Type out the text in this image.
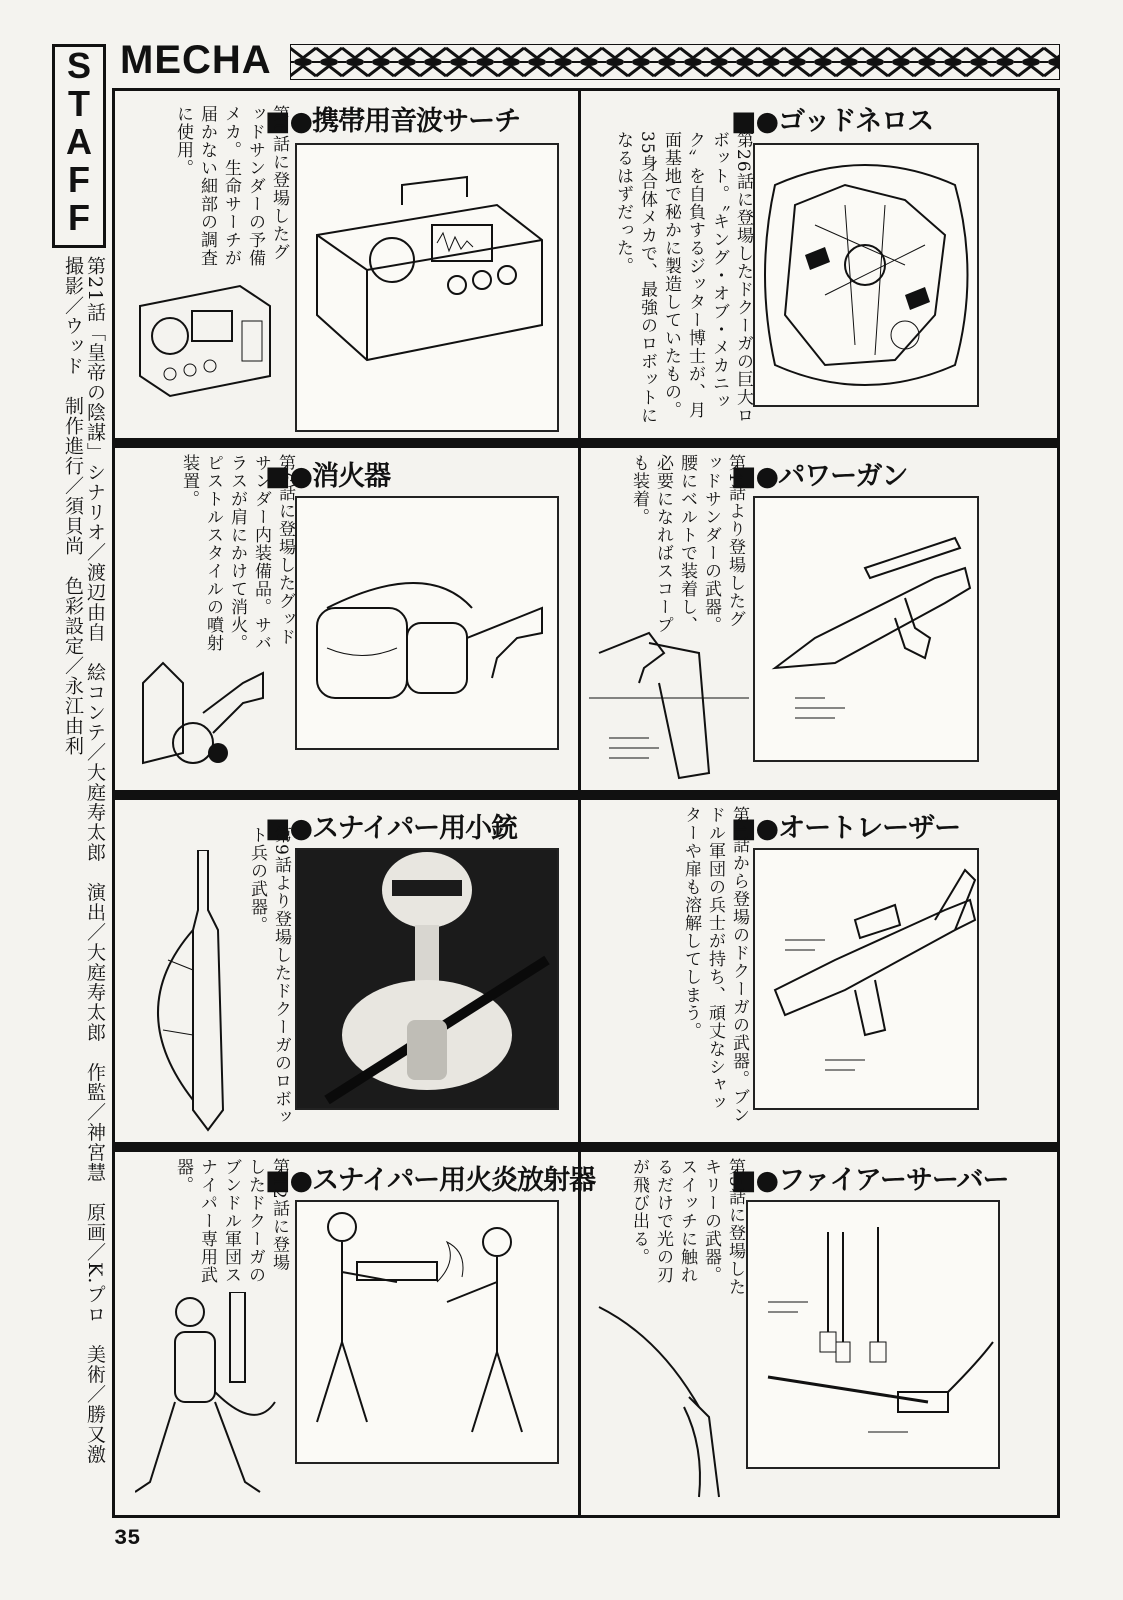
S
T
A
F
F
第21話「皇帝の陰謀」シナリオ／渡辺由自　絵コンテ／大庭寿太郎　演出／大庭寿太郎　作監／神宮慧　原画／K.プロ　美術／勝又激　撮影／ウッド　制作進行／須貝尚　色彩設定／永江由利
MECHA
■●携帯用音波サーチ
第6話に登場したグッドサンダーの予備メカ。生命サーチが届かない細部の調査に使用。	■●ゴッドネロス
第26話に登場したドクーガの巨大ロボット。〝キング・オブ・メカニック〟を自負するジッター博士が、月面基地で秘かに製造していたもの。35身合体メカで、最強のロボットになるはずだった。
■●消火器
第6話に登場したグッドサンダー内装備品。サバラスが肩にかけて消火。ピストルスタイルの噴射装置。	■●パワーガン
第1話より登場したグッドサンダーの武器。腰にベルトで装着し、必要になればスコープも装着。
■●スナイパー用小銃
第9話より登場したドクーガのロボット兵の武器。	■●オートレーザー
第1話から登場のドクーガの武器。ブンドル軍団の兵士が持ち、頑丈なシャッターや扉も溶解してしまう。
■●スナイパー用火炎放射器
第12話に登場したドクーガのブンドル軍団スナイパー専用武器。	■●ファイアーサーバー
第5話に登場したキリーの武器。スイッチに触れるだけで光の刃が飛び出る。
35
